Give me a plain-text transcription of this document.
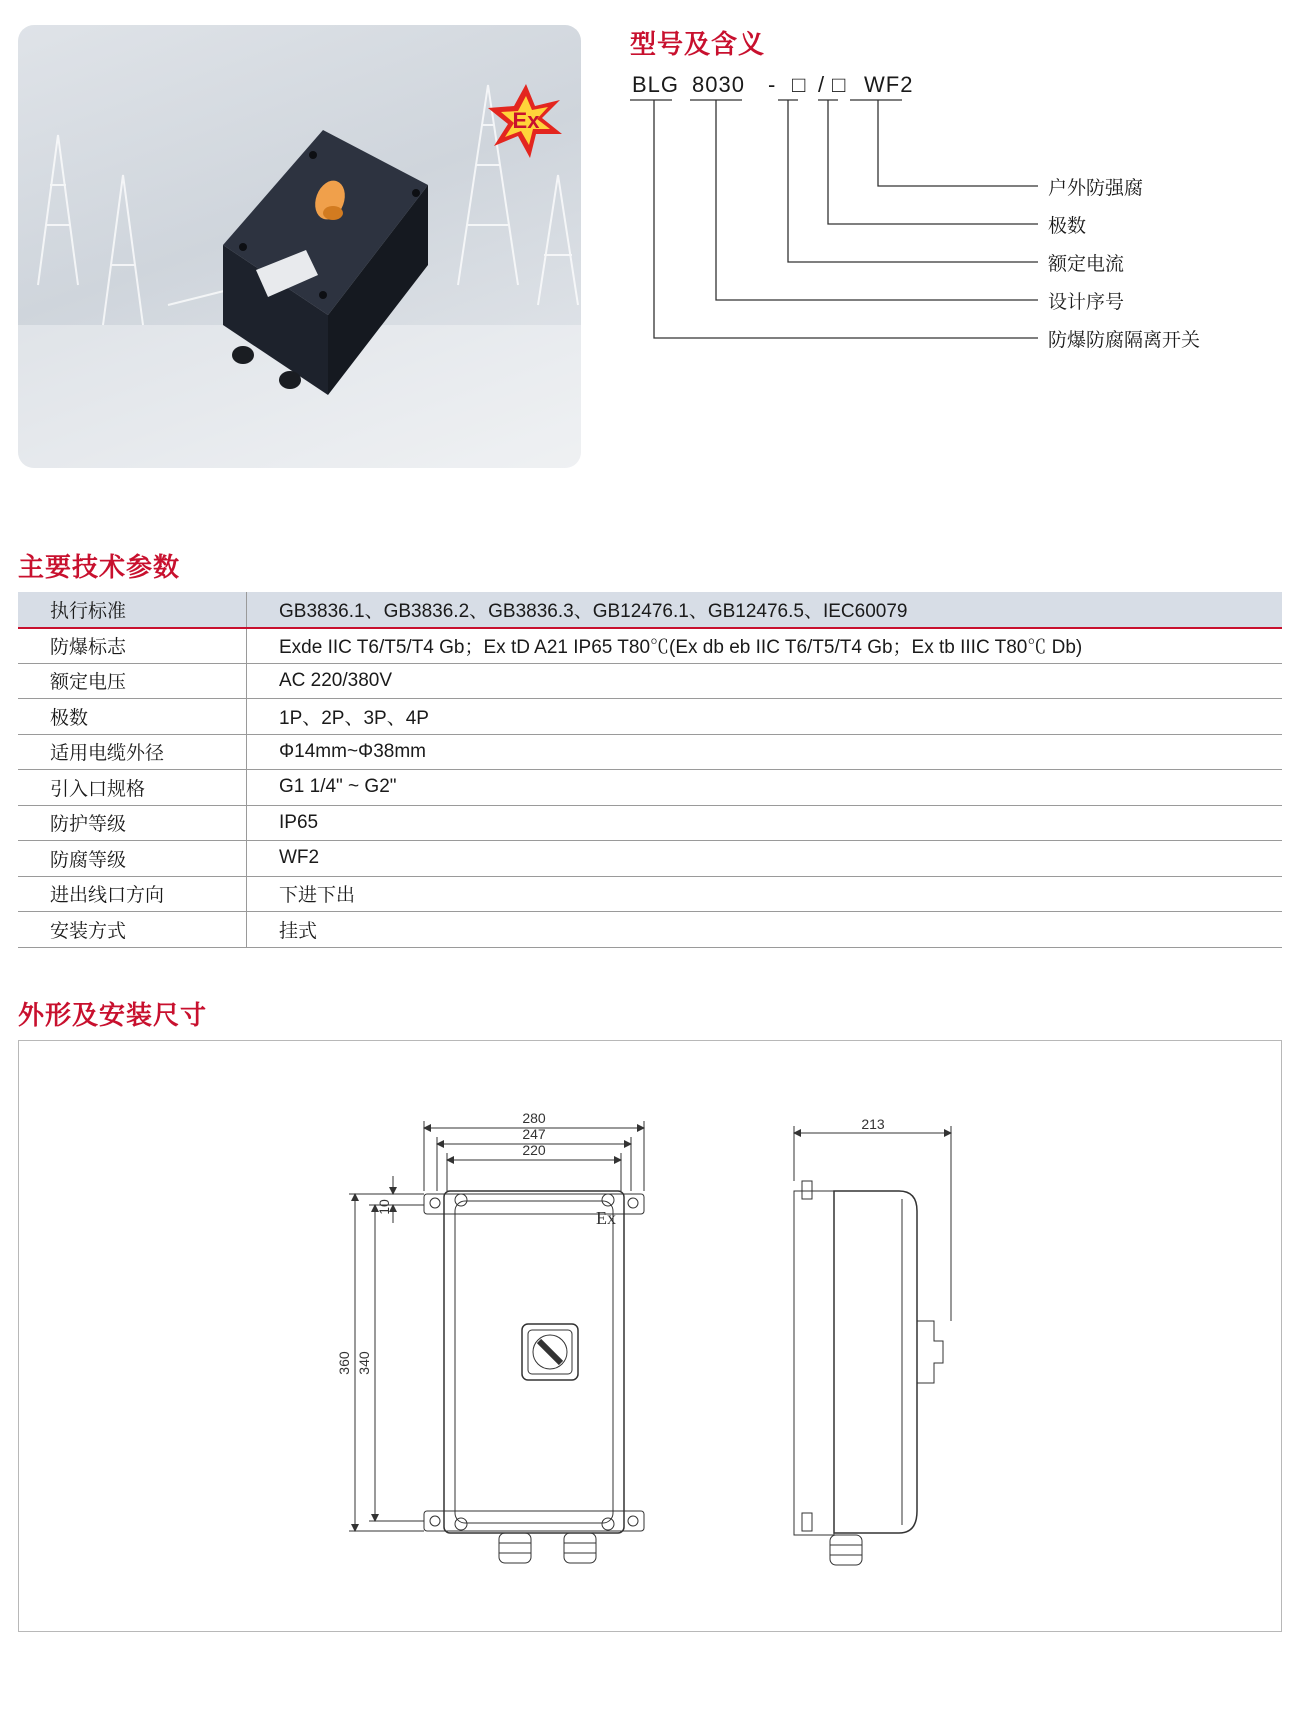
Ex
型号及含义
BLG 8030 - □ / □ WF2
户外防强腐
极数
额定电流
设计序号
防爆防腐隔离开关
主要技术参数
执行标准	GB3836.1、GB3836.2、GB3836.3、GB12476.1、GB12476.5、IEC60079
防爆标志	Exde IIC T6/T5/T4 Gb；Ex tD A21 IP65 T80℃(Ex db eb IIC T6/T5/T4 Gb；Ex tb IIIC T80℃ Db)
额定电压	AC 220/380V
极数	1P、2P、3P、4P
适用电缆外径	Φ14mm~Φ38mm
引入口规格	G1 1/4" ~ G2"
防护等级	IP65
防腐等级	WF2
进出线口方向	下进下出
安装方式	挂式
外形及安装尺寸
280
247
220
213
360 340
10
Ex
